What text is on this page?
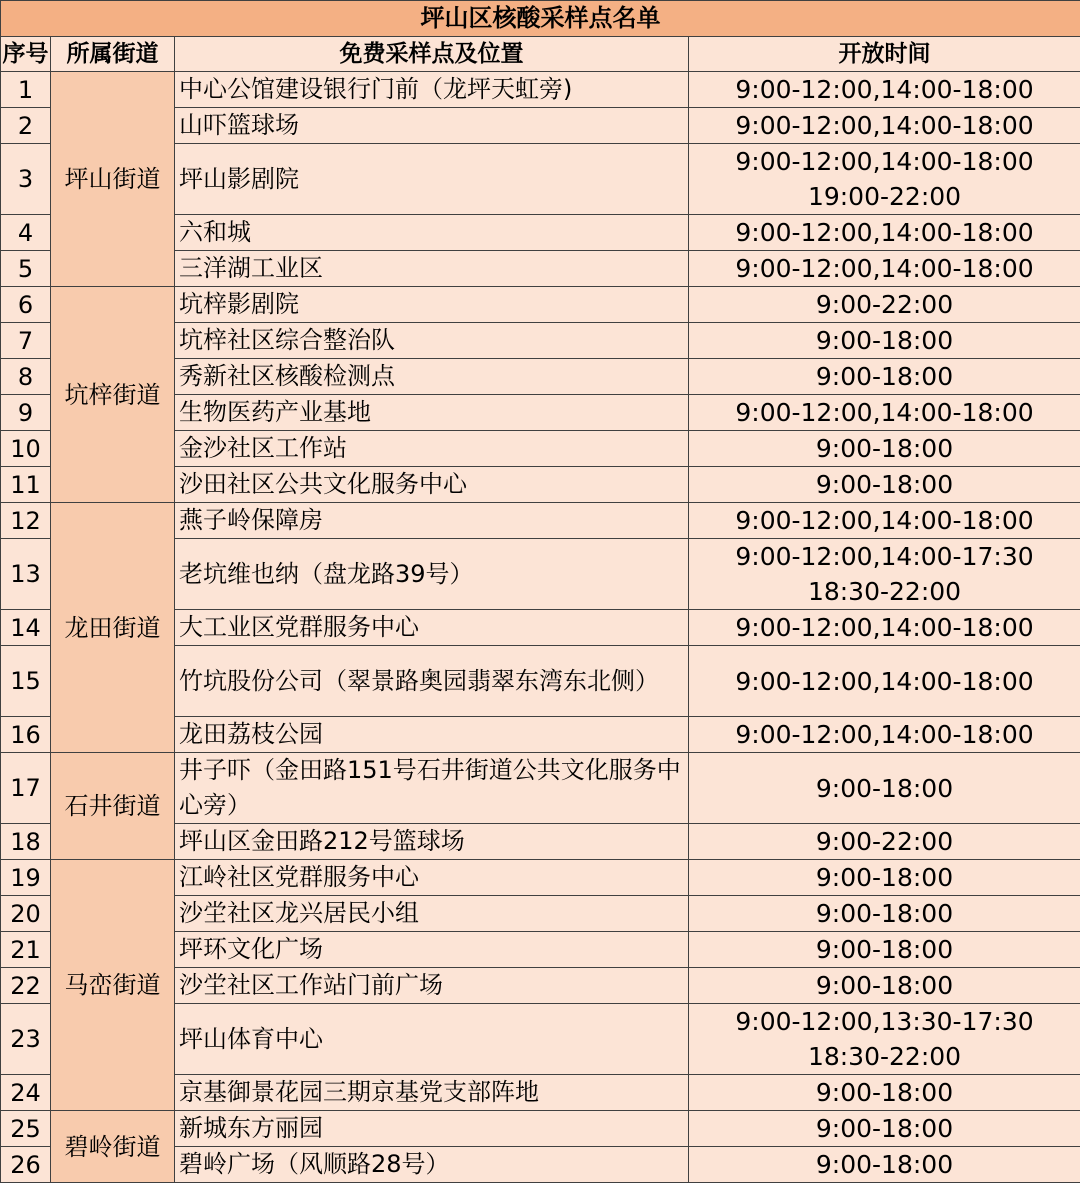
坪山区核酸采样点名单			
序号	所属街道	免费采样点及位置	开放时间
1	坪山街道	中心公馆建设银行门前（龙坪天虹旁)	9:00-12:00,14:00-18:00

2		山吓篮球场	9:00-12:00,14:00-18:00

3		坪山影剧院	9:00-12:00,14:00-18:00
19:00-22:00

4		六和城	9:00-12:00,14:00-18:00

5		三洋湖工业区	9:00-12:00,14:00-18:00

6	坑梓街道	坑梓影剧院	9:00-22:00

7		坑梓社区综合整治队	9:00-18:00

8		秀新社区核酸检测点	9:00-18:00

9		生物医药产业基地	9:00-12:00,14:00-18:00

10		金沙社区工作站	9:00-18:00

11		沙田社区公共文化服务中心	9:00-18:00

12	龙田街道	燕子岭保障房	9:00-12:00,14:00-18:00

13		老坑维也纳（盘龙路39号）	9:00-12:00,14:00-17:30
18:30-22:00

14		大工业区党群服务中心	9:00-12:00,14:00-18:00

15		竹坑股份公司（翠景路奥园翡翠东湾东北侧）	9:00-12:00,14:00-18:00

16		龙田荔枝公园	9:00-12:00,14:00-18:00

17	石井街道	井子吓（金田路151号石井街道公共文化服务中心旁）	9:00-18:00

18		坪山区金田路212号篮球场	9:00-22:00

19	马峦街道	江岭社区党群服务中心	9:00-18:00

20		沙坣社区龙兴居民小组	9:00-18:00

21		坪环文化广场	9:00-18:00

22		沙坣社区工作站门前广场	9:00-18:00

23		坪山体育中心	9:00-12:00,13:30-17:30
18:30-22:00

24		京基御景花园三期京基党支部阵地	9:00-18:00

25	碧岭街道	新城东方丽园	9:00-18:00

26		碧岭广场（风顺路28号）	9:00-18:00
